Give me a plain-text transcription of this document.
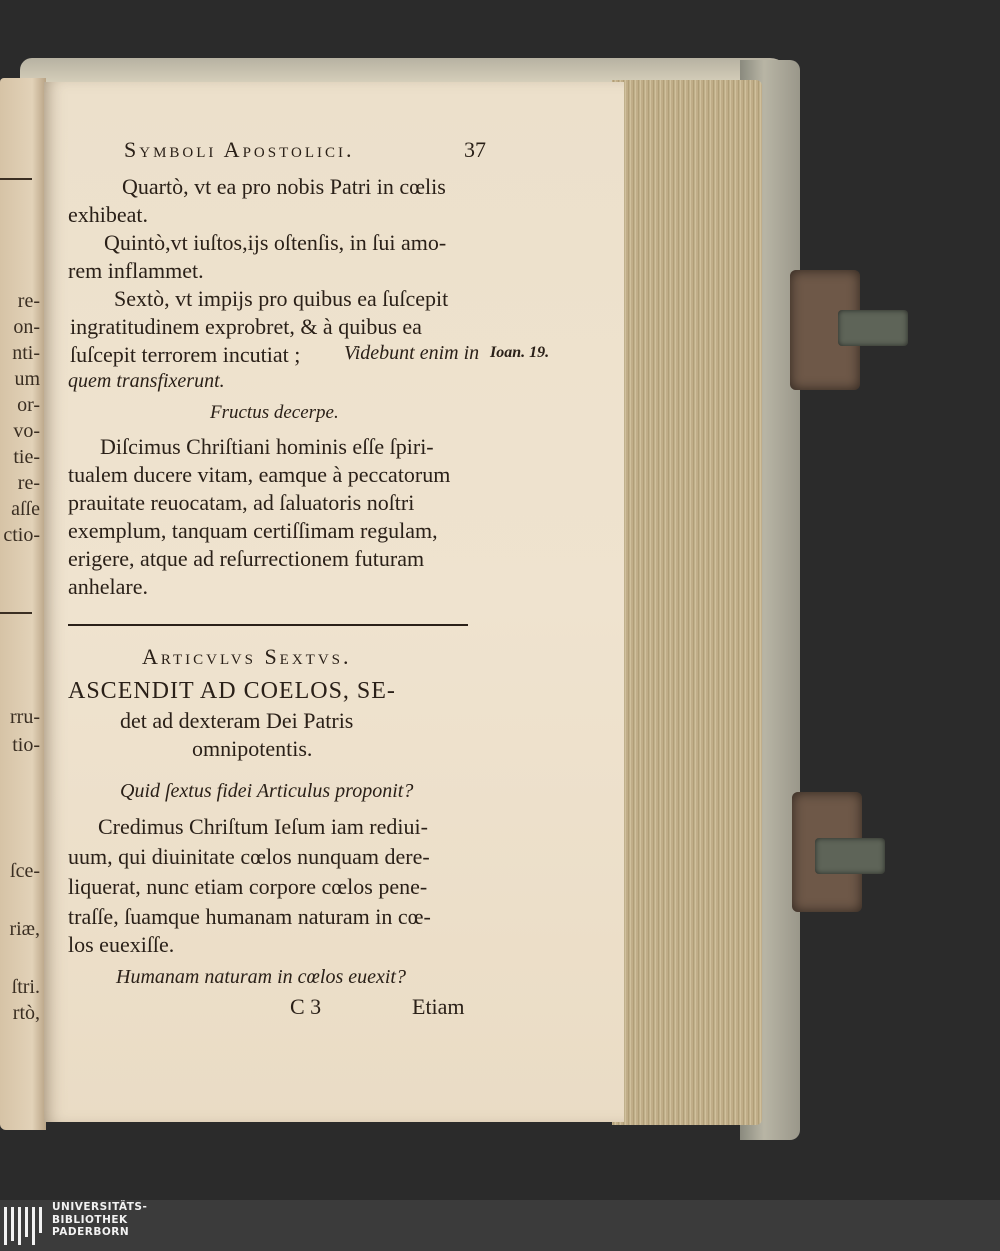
re-
on-
nti-
um
or-
vo-
tie-
re-
aſſe
ctio-
rru-
tio-
ſce-
riæ,
ſtri.
rtò,
Symboli Apostolici.	37
Quartò, vt ea pro nobis Patri in cœlis
exhibeat.
Quintò,vt iuſtos,ijs oſtenſis, in ſui amo-
rem inflammet.
Sextò, vt impijs pro quibus ea ſuſcepit
ingratitudinem exprobret, & à quibus ea
ſuſcepit terrorem incutiat ; Videbunt enim in Ioan. 19.
quem transfixerunt.
Fructus decerpe.
Diſcimus Chriſtiani hominis eſſe ſpiri-
tualem ducere vitam, eamque à peccatorum
prauitate reuocatam, ad ſaluatoris noſtri
exemplum, tanquam certiſſimam regulam,
erigere, atque ad reſurrectionem futuram
anhelare.
Articvlvs Sextvs.
ASCENDIT AD COELOS, SE-
det ad dexteram Dei Patris
omnipotentis.
Quid ſextus fidei Articulus proponit?
Credimus Chriſtum Ieſum iam rediui-
uum, qui diuinitate cœlos nunquam dere-
liquerat, nunc etiam corpore cœlos pene-
traſſe, ſuamque humanam naturam in cœ-
los euexiſſe.
Humanam naturam in cœlos euexit?
C 3	Etiam
UNIVERSITÄTS-
BIBLIOTHEK
PADERBORN
